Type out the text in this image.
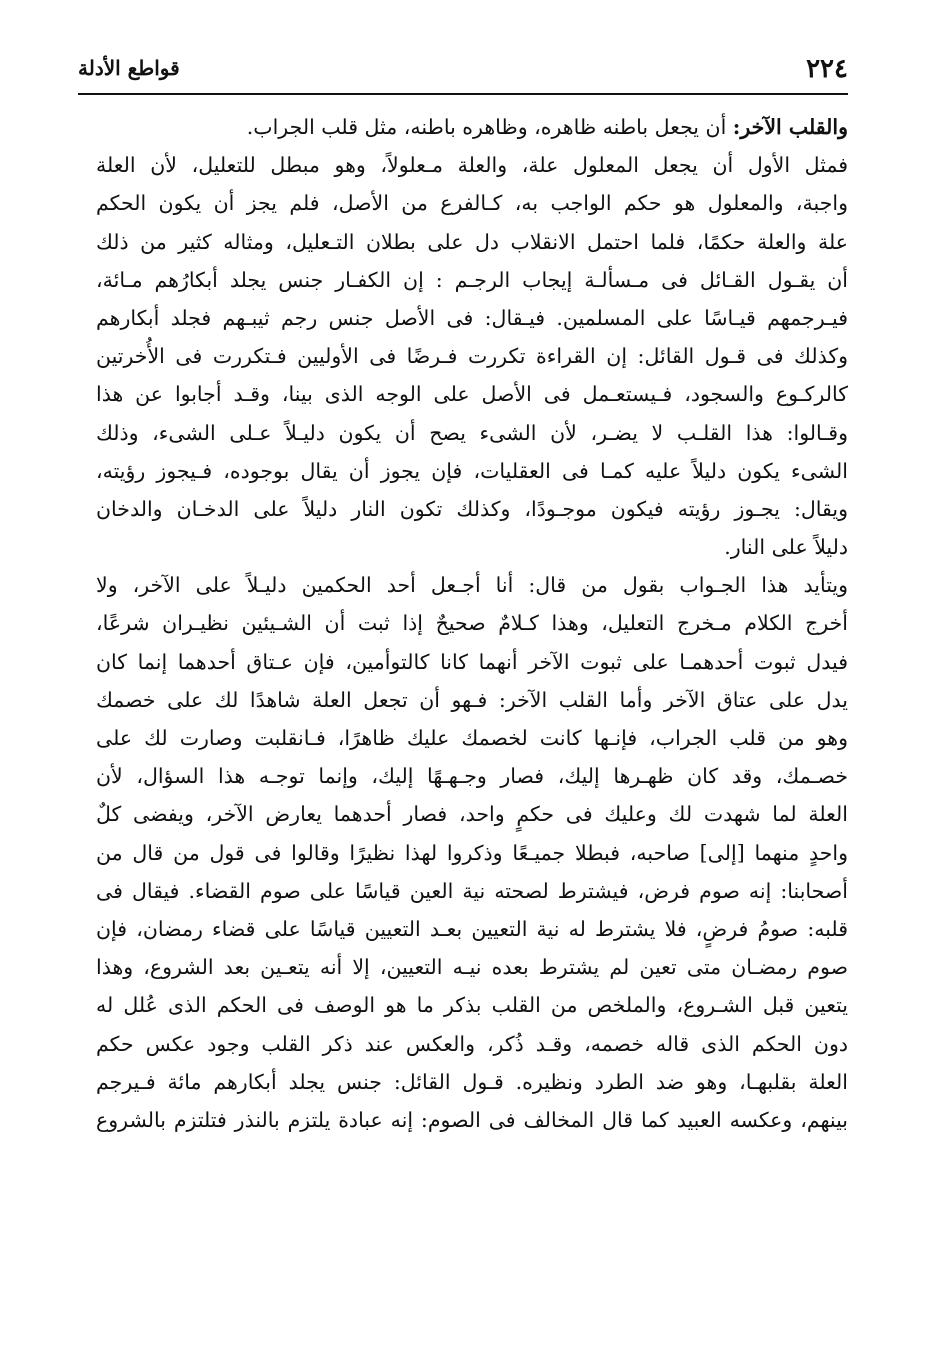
٢٢٤
قواطع الأدلة
والقلب الآخر: أن يجعل باطنه ظاهره، وظاهره باطنه، مثل قلب الجراب.
فمثل الأول أن يجعل المعلول علة، والعلة مـعلولاً، وهو مبطل للتعليل، لأن العلة
واجبة، والمعلول هو حكم الواجب به، كـالفرع من الأصل، فلم يجز أن يكون الحكم
علة والعلة حكمًا، فلما احتمل الانقلاب دل على بطلان التـعليل، ومثاله كثير من ذلك
أن يقـول القـائل فى مـسألـة إيجاب الرجـم : إن الكفـار جنس يجلد أبكارُهم مـائة،
فيـرجمهم قيـاسًا على المسلمين. فيـقال: فى الأصل جنس رجم ثيبـهم فجلد أبكارهم
وكذلك فى قـول القائل: إن القراءة تكررت فـرضًا فى الأوليين فـتكررت فى الأُخرتين
كالركـوع والسجود، فـيستعـمل فى الأصل على الوجه الذى بينا، وقـد أجابوا عن هذا
وقـالوا: هذا القلـب لا يضـر، لأن الشىء يصح أن يكون دليـلاً عـلى الشىء، وذلك
الشىء يكون دليلاً عليه كمـا فى العقليات، فإن يجوز أن يقال بوجوده، فـيجوز رؤيته،
ويقال: يجـوز رؤيته فيكون موجـودًا، وكذلك تكون النار دليلاً على الدخـان والدخان
دليلاً على النار.
ويتأيد هذا الجـواب بقول من قال: أنا أجـعل أحد الحكمين دليـلاً على الآخر، ولا
أخرج الكلام مـخرج التعليل، وهذا كـلامٌ صحيحٌ إذا ثبت أن الشـيئين نظيـران شرعًا،
فيدل ثبوت أحدهمـا على ثبوت الآخر أنهما كانا كالتوأمين، فإن عـتاق أحدهما إنما كان
يدل على عتاق الآخر وأما القلب الآخر: فـهو أن تجعل العلة شاهدًا لك على خصمك
وهو من قلب الجراب، فإنـها كانت لخصمك عليك ظاهرًا، فـانقلبت وصارت لك على
خصـمك، وقد كان ظهـرها إليك، فصار وجـهـهًا إليك، وإنما توجـه هذا السؤال، لأن
العلة لما شهدت لك وعليك فى حكمٍ واحد، فصار أحدهما يعارض الآخر، ويفضى كلٌ
واحدٍ منهما [إلى] صاحبه، فبطلا جميـعًا وذكروا لهذا نظيرًا وقالوا فى قول من قال من
أصحابنا: إنه صوم فرض، فيشترط لصحته نية العين قياسًا على صوم القضاء. فيقال فى
قلبه: صومُ فرضٍ، فلا يشترط له نية التعيين بعـد التعيين قياسًا على قضاء رمضان، فإن
صوم رمضـان متى تعين لم يشترط بعده نيـه التعيين، إلا أنه يتعـين بعد الشروع، وهذا
يتعين قبل الشـروع، والملخص من القلب بذكر ما هو الوصف فى الحكم الذى عُلل له
دون الحكم الذى قاله خصمه، وقـد ذُكر، والعكس عند ذكر القلب وجود عكس حكم
العلة بقلبهـا، وهو ضد الطرد ونظيره. قـول القائل: جنس يجلد أبكارهم مائة فـيرجم
بينهم، وعكسه العبيد كما قال المخالف فى الصوم: إنه عبادة يلتزم بالنذر فتلتزم بالشروع
